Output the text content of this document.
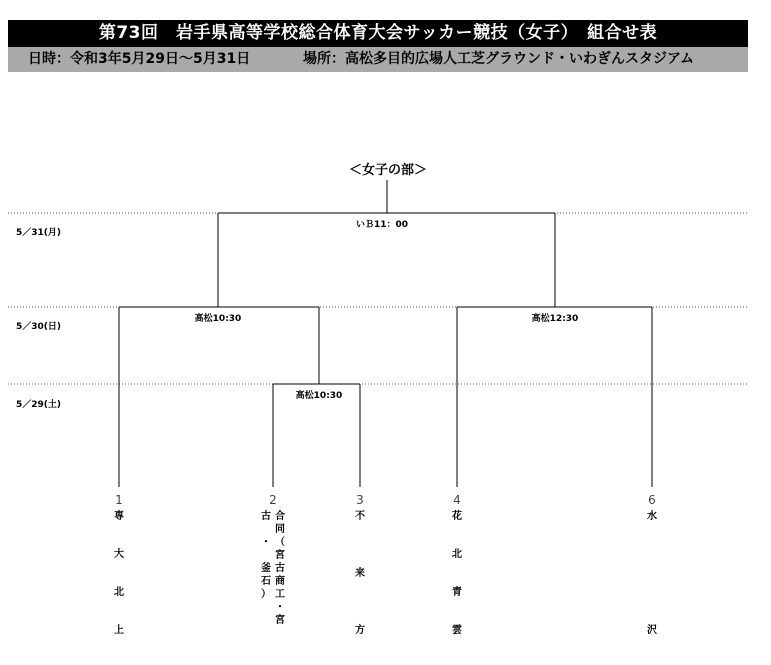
第73回　岩手県高等学校総合体育大会サッカー競技（女子）　組合せ表
日時：令和3年5月29日～5月31日	場所：高松多目的広場人工芝グラウンド・いわぎんスタジアム
＜女子の部＞
5／31(月)
5／30(日)
5／29(土)
いＢ11：00
高松10:30	高松12:30
高松10:30
1	2	3	4	6
専
大
北
上
合
同
（
宮
古
商
工
・
宮
古
・
釜
石
）
不
来
方
花
北
青
雲
水
沢
